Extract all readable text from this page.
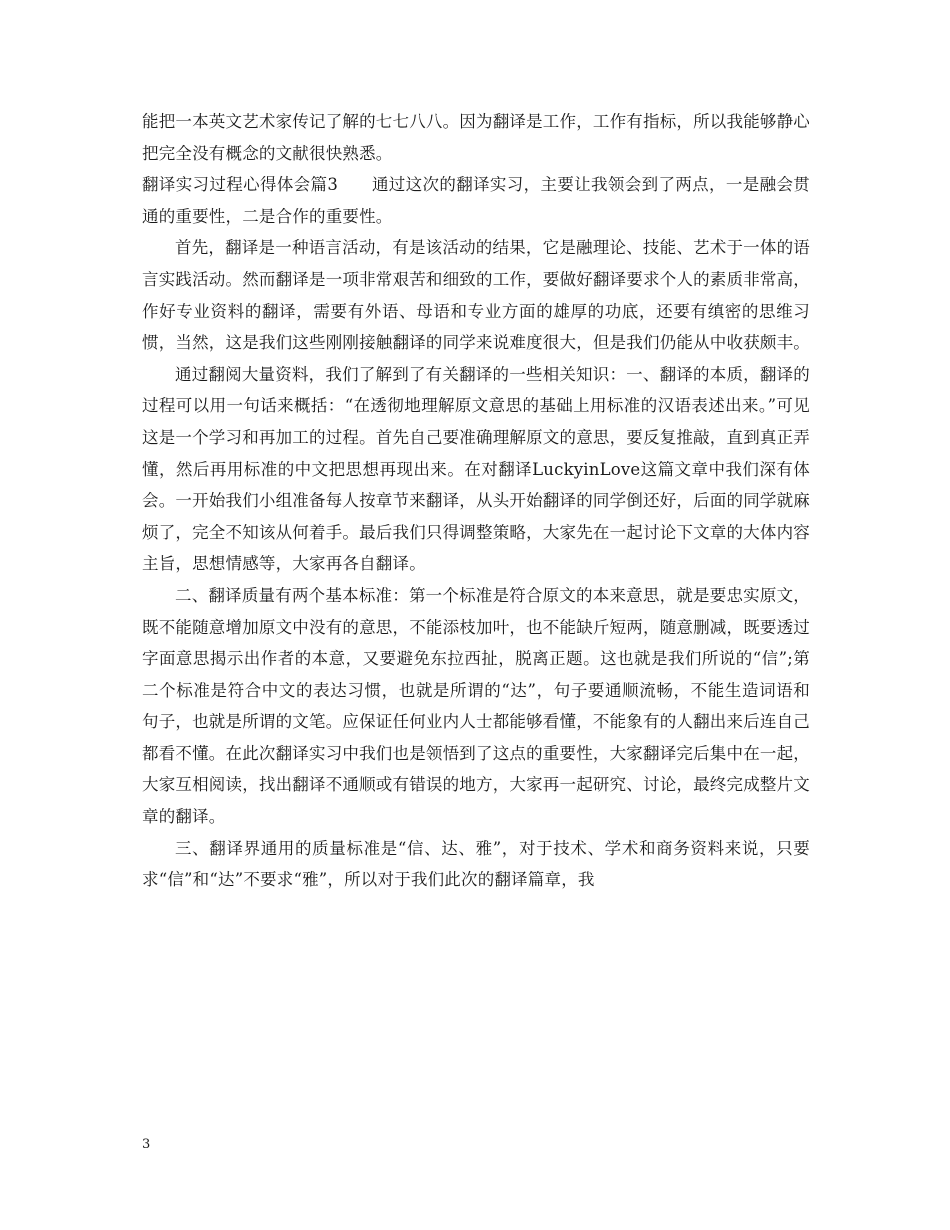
能把一本英文艺术家传记了解的七七八八。因为翻译是工作，工作有指标，所以我能够静心把完全没有概念的文献很快熟悉。

翻译实习过程心得体会篇3　　通过这次的翻译实习，主要让我领会到了两点，一是融会贯通的重要性，二是合作的重要性。

首先，翻译是一种语言活动，有是该活动的结果，它是融理论、技能、艺术于一体的语言实践活动。然而翻译是一项非常艰苦和细致的工作，要做好翻译要求个人的素质非常高，作好专业资料的翻译，需要有外语、母语和专业方面的雄厚的功底，还要有缜密的思维习惯，当然，这是我们这些刚刚接触翻译的同学来说难度很大，但是我们仍能从中收获颇丰。

通过翻阅大量资料，我们了解到了有关翻译的一些相关知识：一、翻译的本质，翻译的过程可以用一句话来概括：“在透彻地理解原文意思的基础上用标准的汉语表述出来。”可见这是一个学习和再加工的过程。首先自己要准确理解原文的意思，要反复推敲，直到真正弄懂，然后再用标准的中文把思想再现出来。在对翻译LuckyinLove这篇文章中我们深有体会。一开始我们小组准备每人按章节来翻译，从头开始翻译的同学倒还好，后面的同学就麻烦了，完全不知该从何着手。最后我们只得调整策略，大家先在一起讨论下文章的大体内容主旨，思想情感等，大家再各自翻译。

二、翻译质量有两个基本标准：第一个标准是符合原文的本来意思，就是要忠实原文，既不能随意增加原文中没有的意思，不能添枝加叶，也不能缺斤短两，随意删减，既要透过字面意思揭示出作者的本意，又要避免东拉西扯，脱离正题。这也就是我们所说的“信”;第二个标准是符合中文的表达习惯，也就是所谓的“达”，句子要通顺流畅，不能生造词语和句子，也就是所谓的文笔。应保证任何业内人士都能够看懂，不能象有的人翻出来后连自己都看不懂。在此次翻译实习中我们也是领悟到了这点的重要性，大家翻译完后集中在一起，大家互相阅读，找出翻译不通顺或有错误的地方，大家再一起研究、讨论，最终完成整片文章的翻译。

三、翻译界通用的质量标准是“信、达、雅”，对于技术、学术和商务资料来说，只要求“信”和“达”不要求“雅”，所以对于我们此次的翻译篇章，我

3
